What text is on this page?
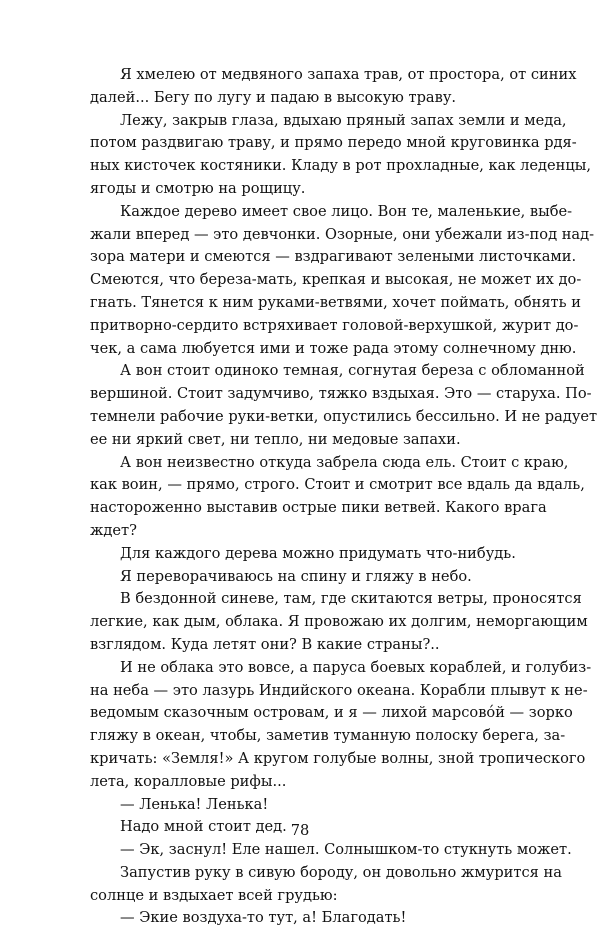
Я хмелею от медвяного запаха трав, от простора, от синих
далей... Бегу по лугу и падаю в высокую траву.
Лежу, закрыв глаза, вдыхаю пряный запах земли и меда,
потом раздвигаю траву, и прямо передо мной круговинка рдя-
ных кисточек костяники. Кладу в рот прохладные, как леденцы,
ягоды и смотрю на рощицу.
Каждое дерево имеет свое лицо. Вон те, маленькие, выбе-
жали вперед — это девчонки. Озорные, они убежали из-под над-
зора матери и смеются — вздрагивают зелеными листочками.
Смеются, что береза-мать, крепкая и высокая, не может их до-
гнать. Тянется к ним руками-ветвями, хочет поймать, обнять и
притворно-сердито встряхивает головой-верхушкой, журит до-
чек, а сама любуется ими и тоже рада этому солнечному дню.
А вон стоит одиноко темная, согнутая береза с обломанной
вершиной. Стоит задумчиво, тяжко вздыхая. Это — старуха. По-
темнели рабочие руки-ветки, опустились бессильно. И не радует
ее ни яркий свет, ни тепло, ни медовые запахи.
А вон неизвестно откуда забрела сюда ель. Стоит с краю,
как воин, — прямо, строго. Стоит и смотрит все вдаль да вдаль,
настороженно выставив острые пики ветвей. Какого врага
ждет?
Для каждого дерева можно придумать что-нибудь.
Я переворачиваюсь на спину и гляжу в небо.
В бездонной синеве, там, где скитаются ветры, проносятся
легкие, как дым, облака. Я провожаю их долгим, неморгающим
взглядом. Куда летят они? В какие страны?..
И не облака это вовсе, а паруса боевых кораблей, и голубиз-
на неба — это лазурь Индийского океана. Корабли плывут к не-
ведомым сказочным островам, и я — лихой марсовóй — зорко
гляжу в океан, чтобы, заметив туманную полоску берега, за-
кричать: «Земля!» А кругом голубые волны, зной тропического
лета, коралловые рифы...
— Ленька! Ленька!
Надо мной стоит дед.
— Эк, заснул! Еле нашел. Солнышком-то стукнуть может.
Запустив руку в сивую бороду, он довольно жмурится на
солнце и вздыхает всей грудью:
— Экие воздуха-то тут, а! Благодать!
78
